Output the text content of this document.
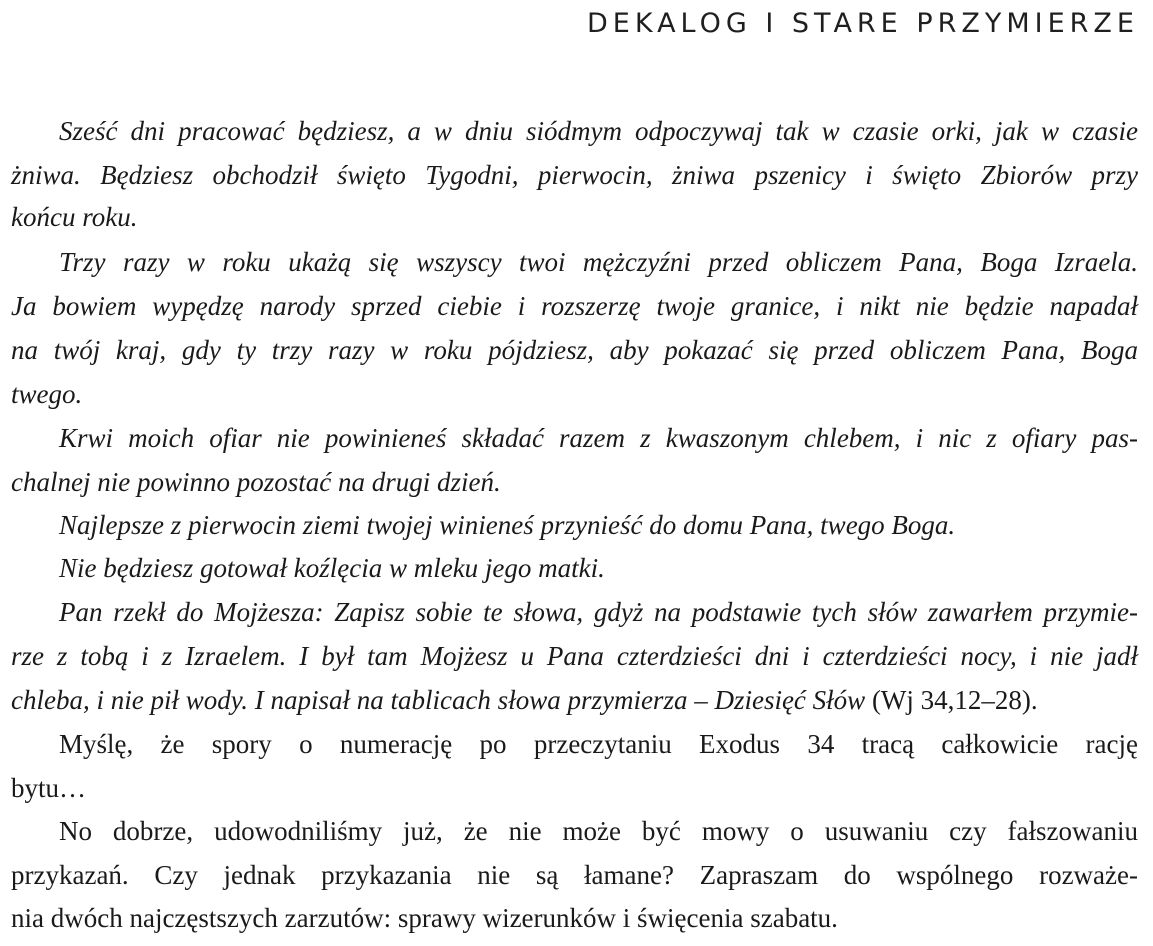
DEKALOG I STARE PRZYMIERZE
Sześć dni pracować będziesz, a w dniu siódmym odpoczywaj tak w czasie orki, jak w czasie
żniwa. Będziesz obchodził święto Tygodni, pierwocin, żniwa pszenicy i święto Zbiorów przy
końcu roku.
Trzy razy w roku ukażą się wszyscy twoi mężczyźni przed obliczem Pana, Boga Izraela.
Ja bowiem wypędzę narody sprzed ciebie i rozszerzę twoje granice, i nikt nie będzie napadał
na twój kraj, gdy ty trzy razy w roku pójdziesz, aby pokazać się przed obliczem Pana, Boga
twego.
Krwi moich ofiar nie powinieneś składać razem z kwaszonym chlebem, i nic z ofiary pas-
chalnej nie powinno pozostać na drugi dzień.
Najlepsze z pierwocin ziemi twojej winieneś przynieść do domu Pana, twego Boga.
Nie będziesz gotował koźlęcia w mleku jego matki.
Pan rzekł do Mojżesza: Zapisz sobie te słowa, gdyż na podstawie tych słów zawarłem przymie-
rze z tobą i z Izraelem. I był tam Mojżesz u Pana czterdzieści dni i czterdzieści nocy, i nie jadł
chleba, i nie pił wody. I napisał na tablicach słowa przymierza – Dziesięć Słów (Wj 34,12–28).
Myślę, że spory o numerację po przeczytaniu Exodus 34 tracą całkowicie rację
bytu…
No dobrze, udowodniliśmy już, że nie może być mowy o usuwaniu czy fałszowaniu
przykazań. Czy jednak przykazania nie są łamane? Zapraszam do wspólnego rozważe-
nia dwóch najczęstszych zarzutów: sprawy wizerunków i święcenia szabatu.
